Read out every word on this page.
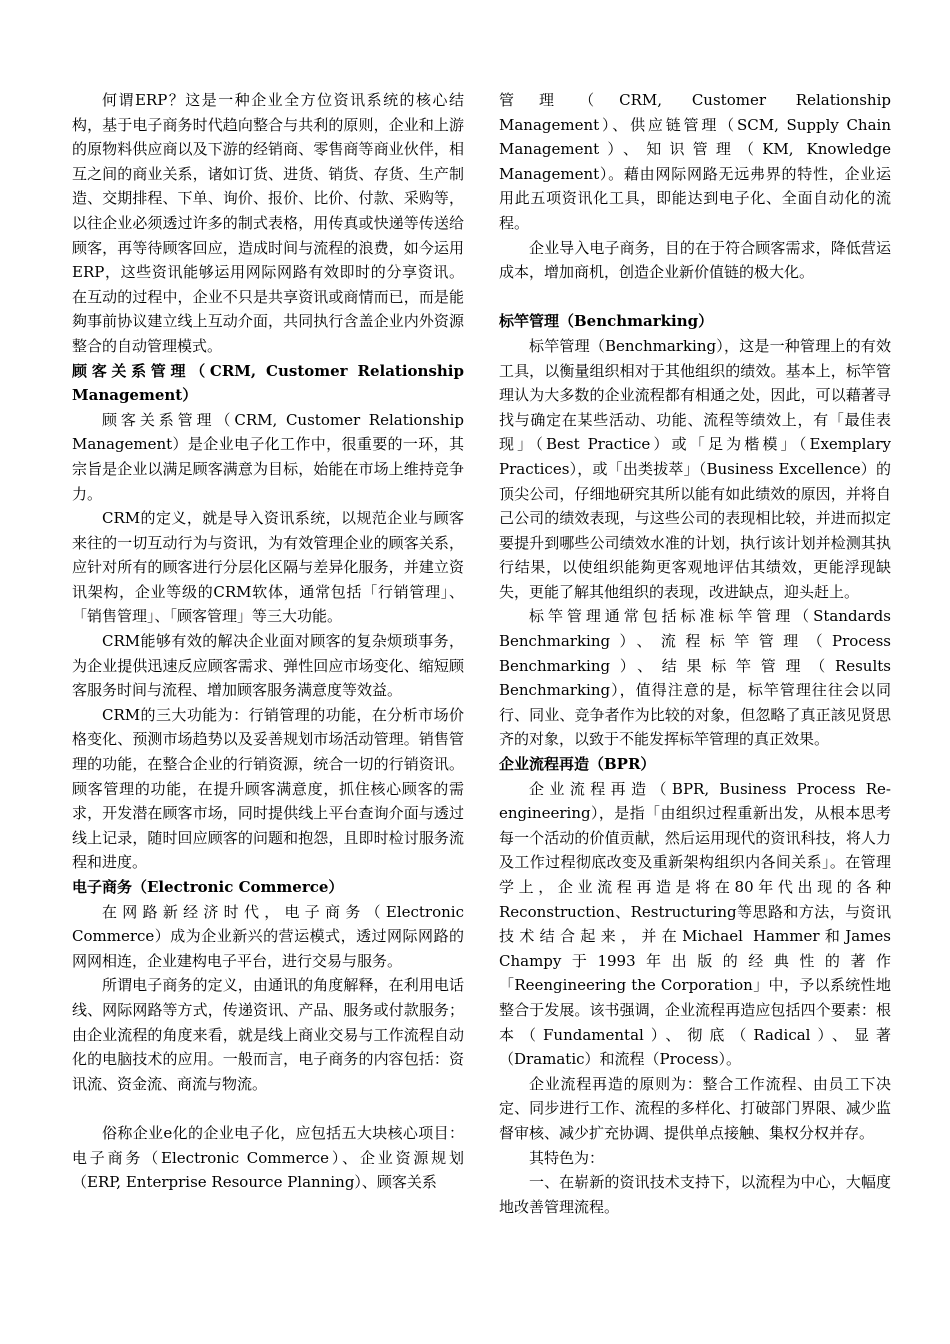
何谓ERP？这是一种企业全方位资讯系统的核心结构，基于电子商务时代趋向整合与共利的原则，企业和上游的原物料供应商以及下游的经销商、零售商等商业伙伴，相互之间的商业关系，诸如订货、进货、销货、存货、生产制造、交期排程、下单、询价、报价、比价、付款、采购等，以往企业必须透过许多的制式表格，用传真或快递等传送给顾客，再等待顾客回应，造成时间与流程的浪费，如今运用ERP，这些资讯能够运用网际网路有效即时的分享资讯。在互动的过程中，企业不只是共享资讯或商情而已，而是能夠事前协议建立线上互动介面，共同执行含盖企业内外资源整合的自动管理模式。

顾客关系管理（CRM, Customer Relationship Management）

顾客关系管理（CRM, Customer Relationship Management）是企业电子化工作中，很重要的一环，其宗旨是企业以满足顾客满意为目标，始能在市场上维持竞争力。

CRM的定义，就是导入资讯系统，以规范企业与顾客来往的一切互动行为与资讯，为有效管理企业的顾客关系，应针对所有的顾客进行分层化区隔与差异化服务，并建立资讯架构，企业等级的CRM软体，通常包括「行销管理」、「销售管理」、「顾客管理」等三大功能。

CRM能够有效的解决企业面对顾客的复杂烦琐事务，为企业提供迅速反应顾客需求、弹性回应市场变化、缩短顾客服务时间与流程、增加顾客服务满意度等效益。

CRM的三大功能为：行销管理的功能，在分析市场价格变化、预测市场趋势以及妥善规划市场活动管理。销售管理的功能，在整合企业的行销资源，统合一切的行销资讯。顾客管理的功能，在提升顾客满意度，抓住核心顾客的需求，开发潜在顾客市场，同时提供线上平台查询介面与透过线上记录，随时回应顾客的问题和抱怨，且即时检讨服务流程和进度。

电子商务（Electronic Commerce）

在网路新经济时代，电子商务（Electronic Commerce）成为企业新兴的营运模式，透过网际网路的网网相连，企业建构电子平台，进行交易与服务。

所谓电子商务的定义，由通讯的角度解释，在利用电话线、网际网路等方式，传递资讯、产品、服务或付款服务；由企业流程的角度来看，就是线上商业交易与工作流程自动化的电脑技术的应用。一般而言，电子商务的内容包括：资讯流、资金流、商流与物流。

俗称企业e化的企业电子化，应包括五大块核心项目：电子商务（Electronic Commerce）、企业资源规划（ERP, Enterprise Resource Planning）、顾客关系

管理（CRM, Customer Relationship Management）、供应链管理（SCM, Supply Chain Management）、知识管理（KM, Knowledge Management）。藉由网际网路无远弗界的特性，企业运用此五项资讯化工具，即能达到电子化、全面自动化的流程。

企业导入电子商务，目的在于符合顾客需求，降低营运成本，增加商机，创造企业新价值链的极大化。

标竿管理（Benchmarking）

标竿管理（Benchmarking），这是一种管理上的有效工具，以衡量组织相对于其他组织的绩效。基本上，标竿管理认为大多数的企业流程都有相通之处，因此，可以藉著寻找与确定在某些活动、功能、流程等绩效上，有「最佳表现」（Best Practice）或「足为楷模」（Exemplary Practices），或「出类拔萃」（Business Excellence）的顶尖公司，仔细地研究其所以能有如此绩效的原因，并将自己公司的绩效表现，与这些公司的表现相比较，并进而拟定要提升到哪些公司绩效水准的计划，执行该计划并检测其执行结果，以使组织能夠更客观地评估其绩效，更能浮现缺失，更能了解其他组织的表现，改进缺点，迎头赶上。

标竿管理通常包括标准标竿管理（Standards Benchmarking）、流程标竿管理（Process Benchmarking）、结果标竿管理（Results Benchmarking），值得注意的是，标竿管理往往会以同行、同业、竞争者作为比较的对象，但忽略了真正該见贤思齐的对象，以致于不能发挥标竿管理的真正效果。

企业流程再造（BPR）

企业流程再造（BPR, Business Process Re-engineering），是指「由组织过程重新出发，从根本思考每一个活动的价值贡献，然后运用现代的资讯科技，将人力及工作过程彻底改变及重新架构组织内各间关系」。在管理学上，企业流程再造是将在80年代出现的各种 Reconstruction、Restructuring等思路和方法，与资讯技术结合起来，并在Michael Hammer和James Champy于1993年出版的经典性的著作「Reengineering the Corporation」中，予以系统性地整合于发展。该书强调，企业流程再造应包括四个要素：根本（Fundamental）、彻底（Radical）、显著（Dramatic）和流程（Process）。

企业流程再造的原则为：整合工作流程、由员工下决定、同步进行工作、流程的多样化、打破部门界限、减少监督审核、减少扩充协调、提供单点接触、集权分权并存。

其特色为：

一、在崭新的资讯技术支持下，以流程为中心，大幅度地改善管理流程。
